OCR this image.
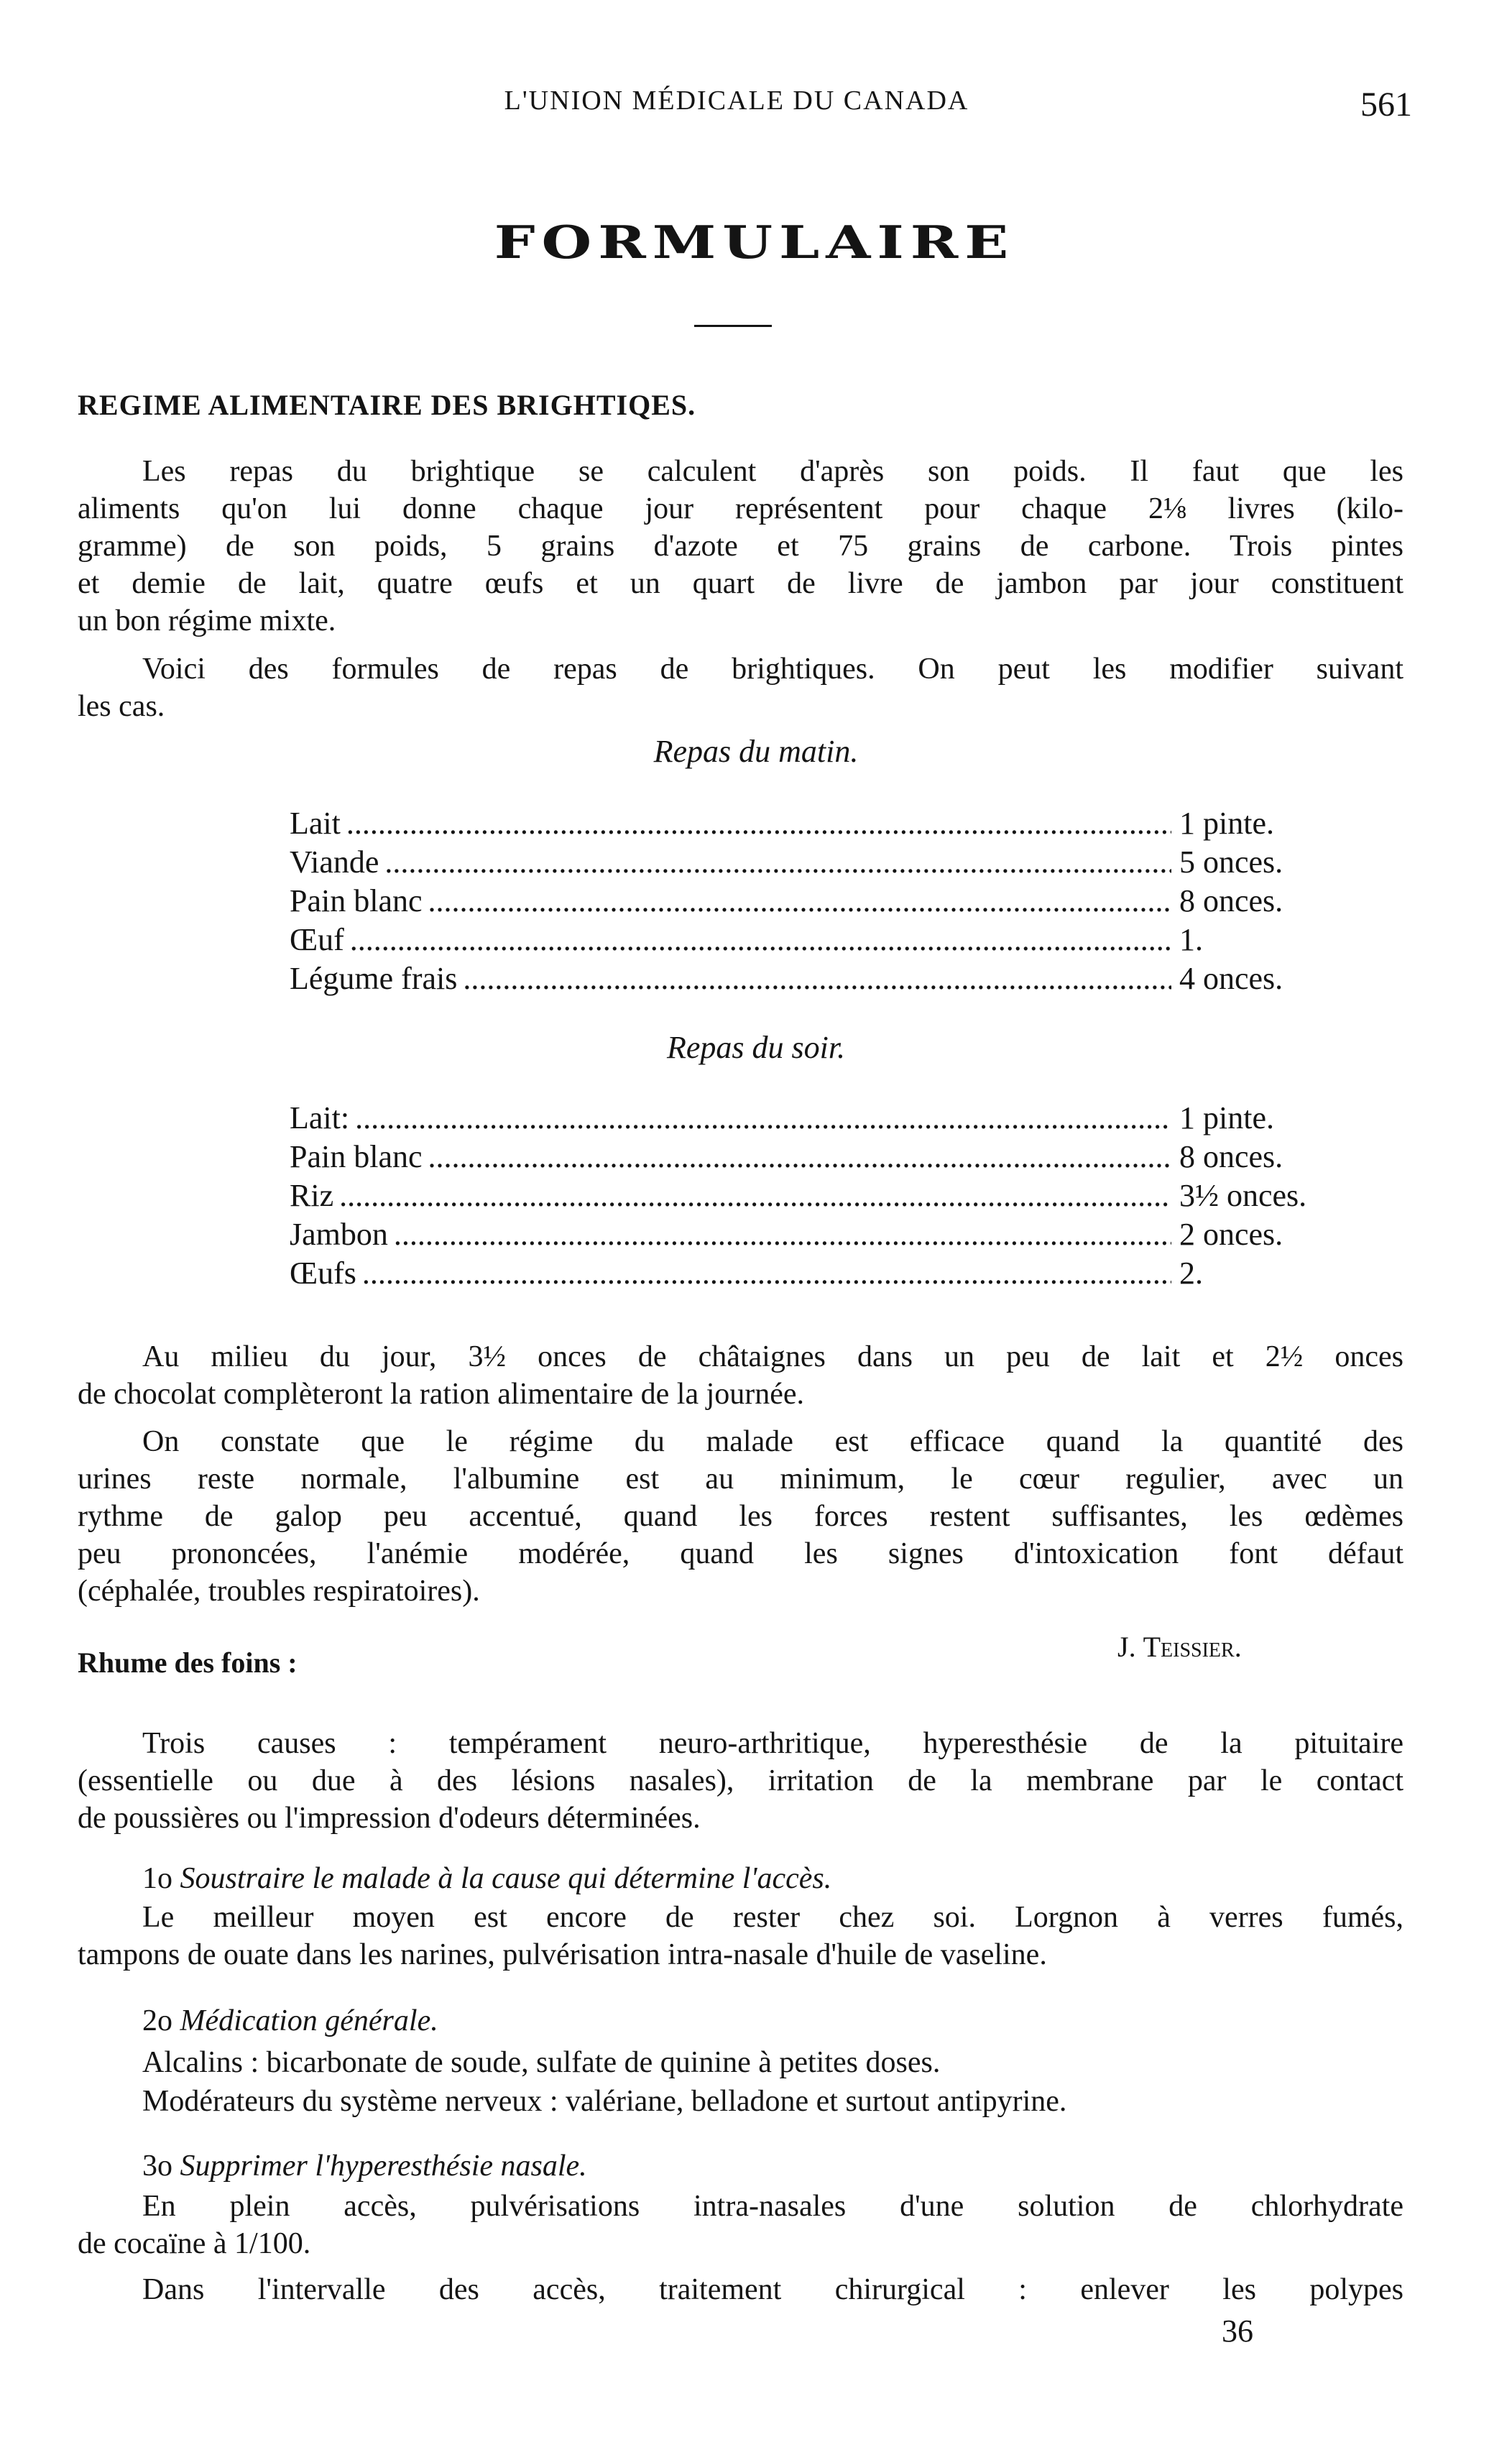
L'UNION MÉDICALE DU CANADA	561
FORMULAIRE
REGIME ALIMENTAIRE DES BRIGHTIQES.
Les repas du brightique se calculent d'après son poids. Il faut que les
aliments qu'on lui donne chaque jour représentent pour chaque 2⅛ livres (kilo-
gramme) de son poids, 5 grains d'azote et 75 grains de carbone. Trois pintes
et demie de lait, quatre œufs et un quart de livre de jambon par jour constituent
un bon régime mixte.
Voici des formules de repas de brightiques. On peut les modifier suivant
les cas.
Repas du matin.
Lait .....	1 pinte.
Viande .....	5 onces.
Pain blanc .....	8 onces.
Œuf .....	1.
Légume frais .....	4 onces.
Repas du soir.
Lait: .....	1 pinte.
Pain blanc .....	8 onces.
Riz .....	3½ onces.
Jambon .....	2 onces.
Œufs .....	2.
Au milieu du jour, 3½ onces de châtaignes dans un peu de lait et 2½ onces
de chocolat complèteront la ration alimentaire de la journée.
On constate que le régime du malade est efficace quand la quantité des
urines reste normale, l'albumine est au minimum, le cœur regulier, avec un
rythme de galop peu accentué, quand les forces restent suffisantes, les œdèmes
peu prononcées, l'anémie modérée, quand les signes d'intoxication font défaut
(céphalée, troubles respiratoires).
J. Teissier.
Rhume des foins :
Trois causes : tempérament neuro-arthritique, hyperesthésie de la pituitaire
(essentielle ou due à des lésions nasales), irritation de la membrane par le contact
de poussières ou l'impression d'odeurs déterminées.
1o Soustraire le malade à la cause qui détermine l'accès.
Le meilleur moyen est encore de rester chez soi. Lorgnon à verres fumés,
tampons de ouate dans les narines, pulvérisation intra-nasale d'huile de vaseline.
2o Médication générale.
Alcalins : bicarbonate de soude, sulfate de quinine à petites doses.
Modérateurs du système nerveux : valériane, belladone et surtout antipyrine.
3o Supprimer l'hyperesthésie nasale.
En plein accès, pulvérisations intra-nasales d'une solution de chlorhydrate
de cocaïne à 1/100.
Dans l'intervalle des accès, traitement chirurgical : enlever les polypes
36
